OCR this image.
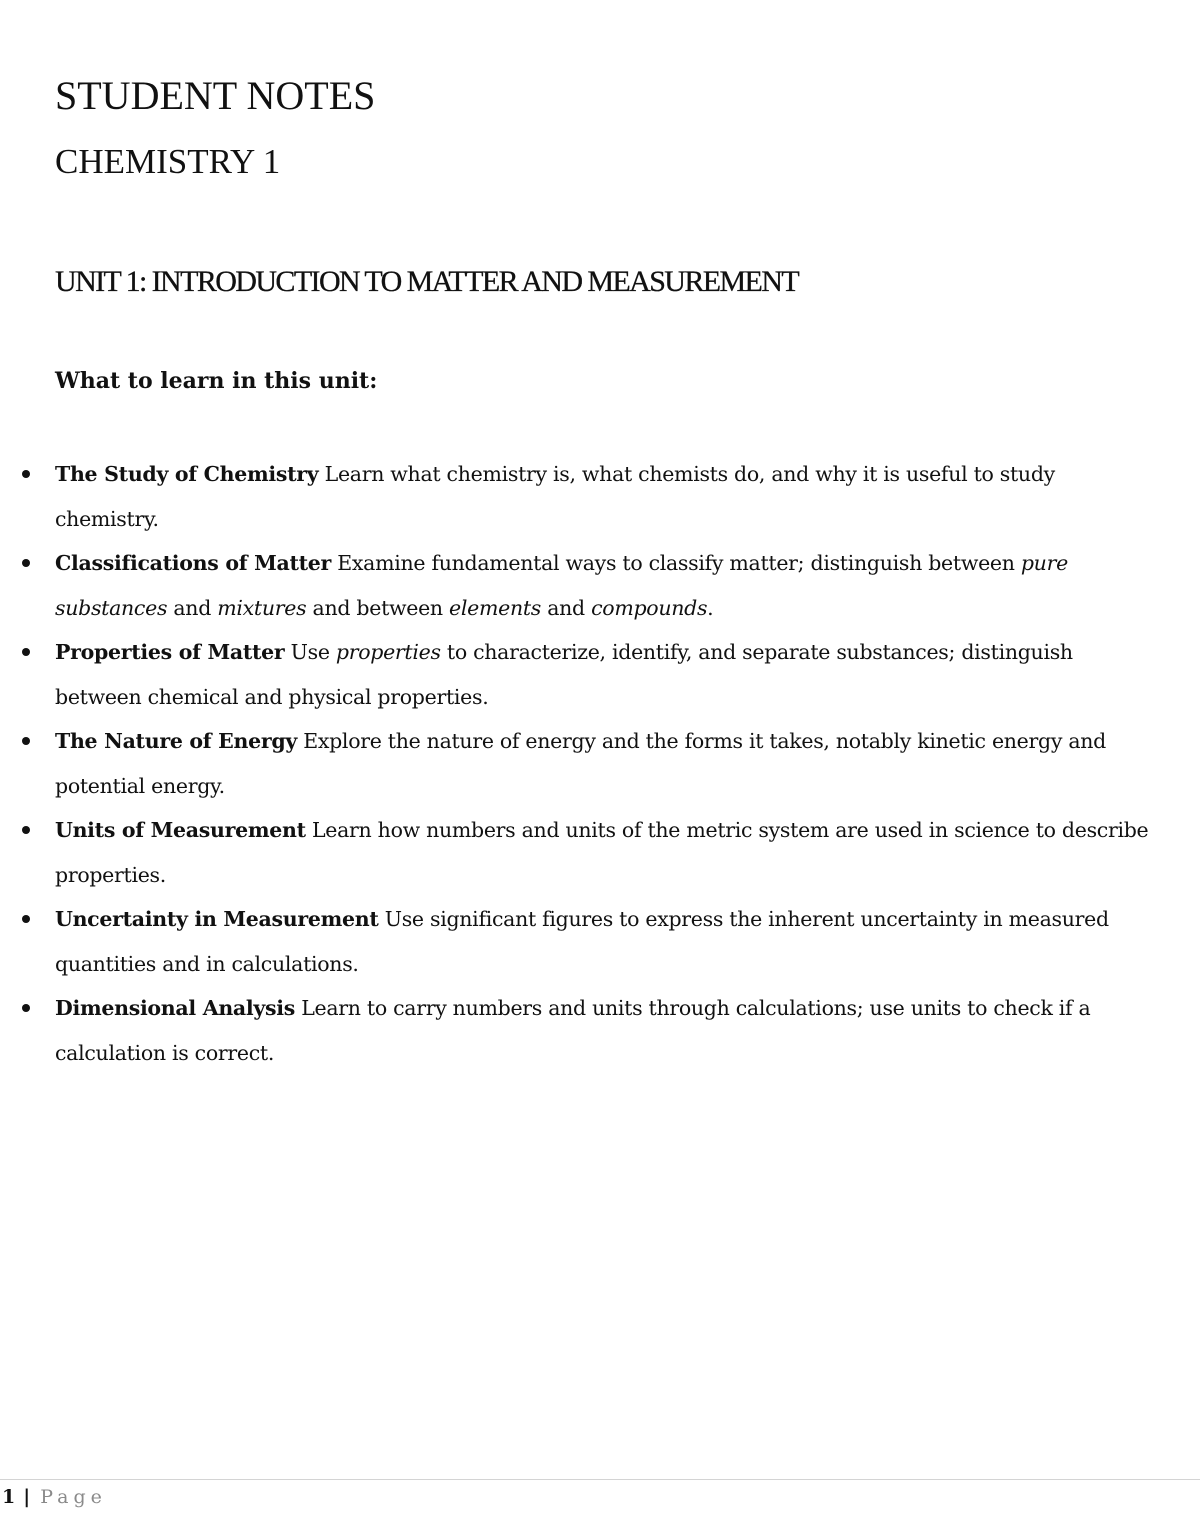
STUDENT NOTES
CHEMISTRY 1
UNIT 1: INTRODUCTION TO MATTER AND MEASUREMENT
What to learn in this unit:
The Study of Chemistry Learn what chemistry is, what chemists do, and why it is useful to study chemistry.
Classifications of Matter Examine fundamental ways to classify matter; distinguish between pure substances and mixtures and between elements and compounds.
Properties of Matter Use properties to characterize, identify, and separate substances; distinguish between chemical and physical properties.
The Nature of Energy Explore the nature of energy and the forms it takes, notably kinetic energy and potential energy.
Units of Measurement Learn how numbers and units of the metric system are used in science to describe properties.
Uncertainty in Measurement Use significant figures to express the inherent uncertainty in measured quantities and in calculations.
Dimensional Analysis Learn to carry numbers and units through calculations; use units to check if a calculation is correct.
1 | Page
